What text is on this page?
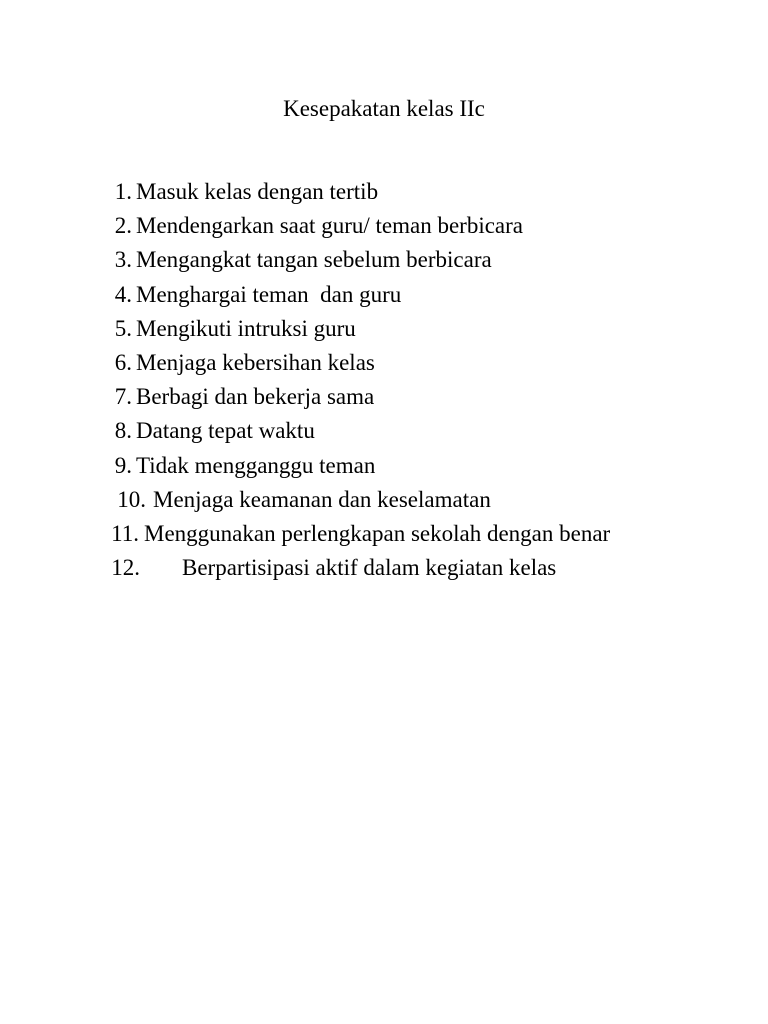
Kesepakatan kelas IIc

1.

Masuk kelas dengan tertib

2.

Mendengarkan saat guru/ teman berbicara

3.

Mengangkat tangan sebelum berbicara

4.

Menghargai teman  dan guru

5.

Mengikuti intruksi guru

6.

Menjaga kebersihan kelas

7.

Berbagi dan bekerja sama

8.

Datang tepat waktu

9.

Tidak mengganggu teman

10.

Menjaga keamanan dan keselamatan

11.

Menggunakan perlengkapan sekolah dengan benar

12.

Berpartisipasi aktif dalam kegiatan kelas
